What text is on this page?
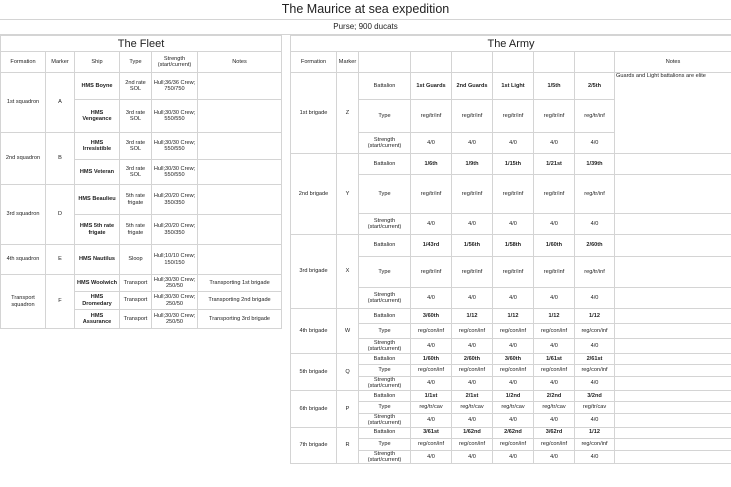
The Maurice at sea expedition
Purse; 900 ducats
The Fleet					
Formation	Marker	Ship	Type	Strength (start/current)	Notes
1st squadron	A	HMS Boyne	2nd rate SOL	Hull;36/36 Crew; 750/750	
		HMS Vengeance	3rd rate SOL	Hull;30/30 Crew; 550/550	
2nd squadron	B	HMS Irresistible	3rd rate SOL	Hull;30/30 Crew; 550/550	
		HMS Veteran	3rd rate SOL	Hull;30/30 Crew; 550/550	
3rd squadron	D	HMS Beaulieu	5th rate frigate	Hull;20/20 Crew; 350/350	
		HMS 5th rate frigate	5th rate frigate	Hull;20/20 Crew; 350/350	
4th squadron	E	HMS Nautilus	Sloop	Hull;10/10 Crew; 150/150	
Transport squadron	F	HMS Woolwich	Transport	Hull;30/30 Crew; 250/50	Transporting 1st brigade
		HMS Dromedary	Transport	Hull;30/30 Crew; 250/50	Transporting 2nd brigade
		HMS Assurance	Transport	Hull;30/30 Crew; 250/50	Transporting 3rd brigade
The Army								
Formation	Marker							Notes
1st brigade	Z	Battalion	1st Guards	2nd Guards	1st Light	1/5th	2/5th	Guards and Light battalions are elite
		Type	reg/tr/inf	reg/tr/inf	reg/tr/inf	reg/tr/inf	reg/tr/inf	
		Strength (start/current)	4/0	4/0	4/0	4/0	4/0	
2nd brigade	Y	Battalion	1/6th	1/9th	1/15th	1/21st	1/39th	
		Type	reg/tr/inf	reg/tr/inf	reg/tr/inf	reg/tr/inf	reg/tr/inf	
		Strength (start/current)	4/0	4/0	4/0	4/0	4/0	
3rd brigade	X	Battalion	1/43rd	1/56th	1/58th	1/60th	2/60th	
		Type	reg/tr/inf	reg/tr/inf	reg/tr/inf	reg/tr/inf	reg/tr/inf	
		Strength (start/current)	4/0	4/0	4/0	4/0	4/0	
4th brigade	W	Battalion	3/60th	1/12	1/12	1/12	1/12	
		Type	reg/con/inf	reg/con/inf	reg/con/inf	reg/con/inf	reg/con/inf	
		Strength (start/current)	4/0	4/0	4/0	4/0	4/0	
5th brigade	Q	Battalion	1/60th	2/60th	3/60th	1/61st	2/61st	
		Type	reg/con/inf	reg/con/inf	reg/con/inf	reg/con/inf	reg/con/inf	
		Strength (start/current)	4/0	4/0	4/0	4/0	4/0	
6th brigade	P	Battalion	1/1st	2/1st	1/2nd	2/2nd	3/2nd	
		Type	reg/tr/cav	reg/tr/cav	reg/tr/cav	reg/tr/cav	reg/tr/cav	
		Strength (start/current)	4/0	4/0	4/0	4/0	4/0	
7th brigade	R	Battalion	3/61st	1/62nd	2/62nd	3/62rd	1/12	
		Type	reg/con/inf	reg/con/inf	reg/con/inf	reg/con/inf	reg/con/inf	
		Strength (start/current)	4/0	4/0	4/0	4/0	4/0	
